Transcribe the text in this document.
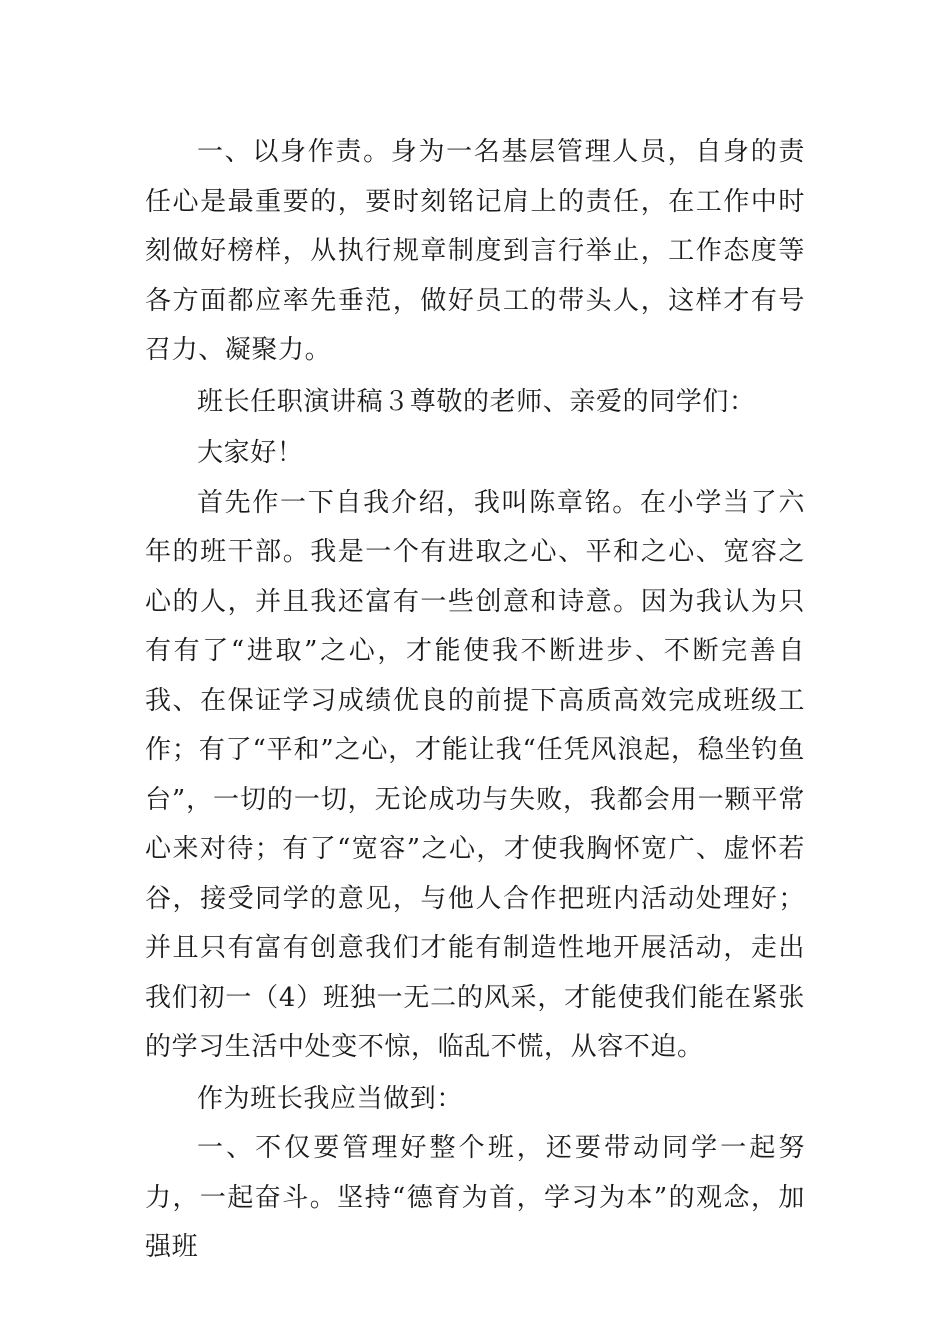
一、以身作责。身为一名基层管理人员，自身的责任心是最重要的，要时刻铭记肩上的责任，在工作中时刻做好榜样，从执行规章制度到言行举止，工作态度等各方面都应率先垂范，做好员工的带头人，这样才有号召力、凝聚力。

班长任职演讲稿３尊敬的老师、亲爱的同学们：

大家好！

首先作一下自我介绍，我叫陈章铭。在小学当了六年的班干部。我是一个有进取之心、平和之心、宽容之心的人，并且我还富有一些创意和诗意。因为我认为只有有了“进取”之心，才能使我不断进步、不断完善自我、在保证学习成绩优良的前提下高质高效完成班级工作；有了“平和”之心，才能让我“任凭风浪起，稳坐钓鱼台”，一切的一切，无论成功与失败，我都会用一颗平常心来对待；有了“宽容”之心，才使我胸怀宽广、虚怀若谷，接受同学的意见，与他人合作把班内活动处理好；并且只有富有创意我们才能有制造性地开展活动，走出我们初一（4）班独一无二的风采，才能使我们能在紧张的学习生活中处变不惊，临乱不慌，从容不迫。

作为班长我应当做到：

一、不仅要管理好整个班，还要带动同学一起努力，一起奋斗。坚持“德育为首，学习为本”的观念，加强班
